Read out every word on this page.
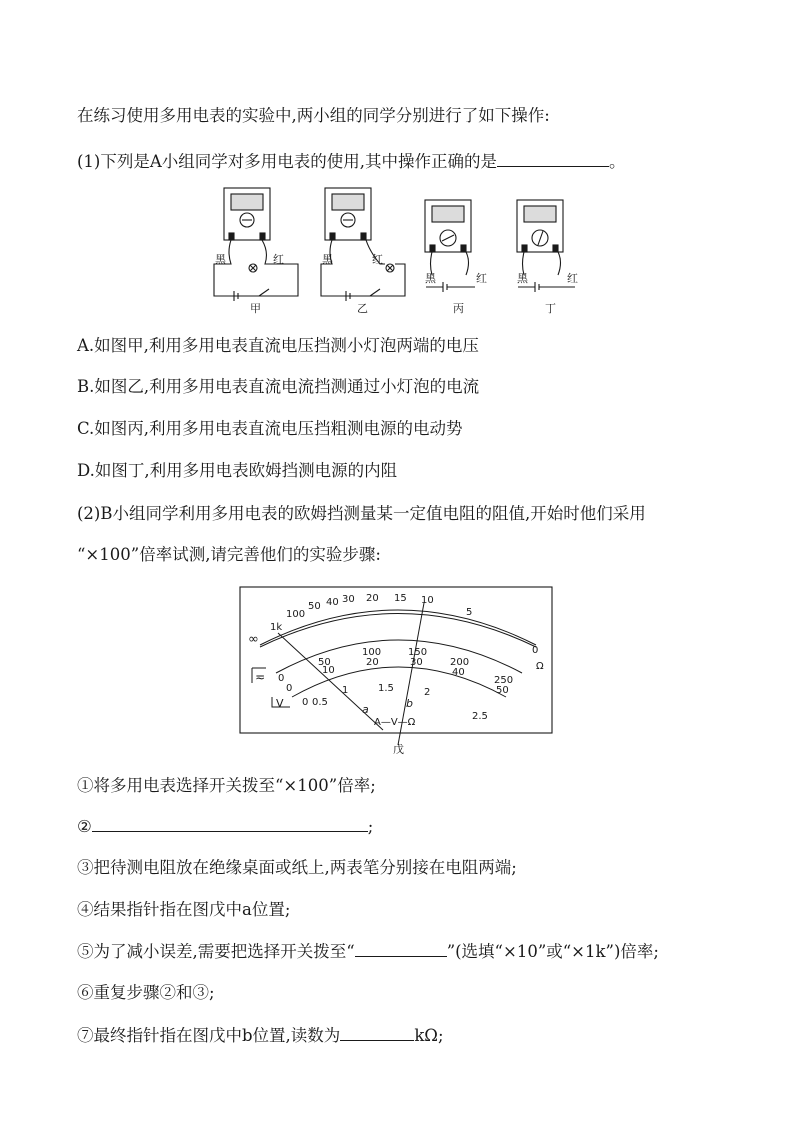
在练习使用多用电表的实验中,两小组的同学分别进行了如下操作:
(1)下列是A小组同学对多用电表的使用,其中操作正确的是	。
黑	红	黑	红
黑	红	黑	红
甲	乙	丙	丁
A.如图甲,利用多用电表直流电压挡测小灯泡两端的电压
B.如图乙,利用多用电表直流电流挡测通过小灯泡的电流
C.如图丙,利用多用电表直流电压挡粗测电源的电动势
D.如图丁,利用多用电表欧姆挡测电源的内阻
(2)B小组同学利用多用电表的欧姆挡测量某一定值电阻的阻值,开始时他们采用
“×100”倍率试测,请完善他们的实验步骤:
∞
1k
100
50 40 30 20 15 10
5
0
Ω
0
50
100	150
200
250
0
10
20	30
40
50
0 0.5
1	1.5	2
2.5
≂
V	a	b
A—V—Ω
戊
①将多用电表选择开关拨至“×100”倍率;
②	;
③把待测电阻放在绝缘桌面或纸上,两表笔分别接在电阻两端;
④结果指针指在图戊中a位置;
⑤为了减小误差,需要把选择开关拨至“	”(选填“×10”或“×1k”)倍率;
⑥重复步骤②和③;
⑦最终指针指在图戊中b位置,读数为	kΩ;
